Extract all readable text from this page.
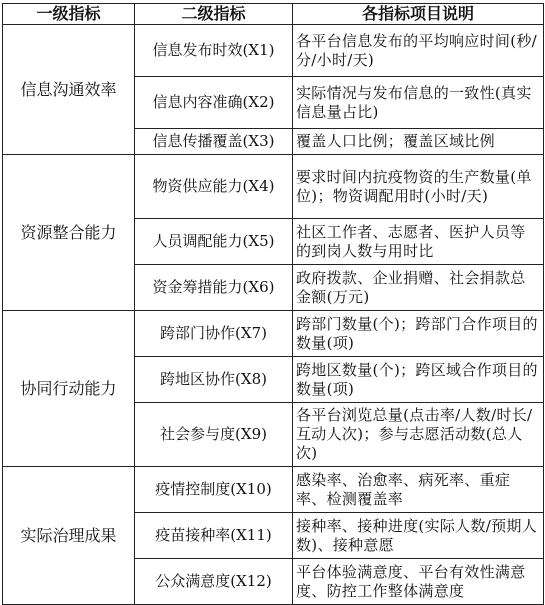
一级指标	二级指标	各指标项目说明
信息沟通效率	信息发布时效(X1)	各平台信息发布的平均响应时间(秒/分/小时/天)
	信息内容准确(X2)	实际情况与发布信息的一致性(真实信息量占比)
	信息传播覆盖(X3)	覆盖人口比例；覆盖区域比例
资源整合能力	物资供应能力(X4)	要求时间内抗疫物资的生产数量(单位)；物资调配用时(小时/天)
	人员调配能力(X5)	社区工作者、志愿者、医护人员等的到岗人数与用时比
	资金筹措能力(X6)	政府拨款、企业捐赠、社会捐款总金额(万元)
协同行动能力	跨部门协作(X7)	跨部门数量(个)；跨部门合作项目的数量(项)
	跨地区协作(X8)	跨地区数量(个)；跨区域合作项目的数量(项)
	社会参与度(X9)	各平台浏览总量(点击率/人数/时长/互动人次)；参与志愿活动数(总人次)
实际治理成果	疫情控制度(X10)	感染率、治愈率、病死率、重症率、检测覆盖率
	疫苗接种率(X11)	接种率、接种进度(实际人数/预期人数)、接种意愿
	公众满意度(X12)	平台体验满意度、平台有效性满意度、防控工作整体满意度
